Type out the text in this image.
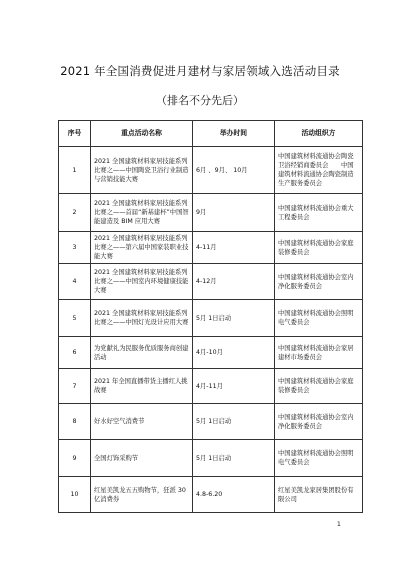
2021 年全国消费促进月建材与家居领域入选活动目录
（排名不分先后）
序号	重点活动名称	举办时间	活动组织方
1	2021 全国建筑材料家居技能系列比赛之——中国陶瓷卫浴行业制造与营销技能大赛	6月 、9月、 10月	中国建筑材料流通协会陶瓷卫浴经销商委员会　　中国建筑材料流通协会陶瓷制造生产服务委员会
2	2021 全国建筑材料家居技能系列比赛之——首届“新基建杯”中国智能建造及 BIM 应用大赛	9月	中国建筑材料流通协会重大工程委员会
3	2021 全国建筑材料家居技能系列比赛之——第六届中国家装职业技能大赛	4-11月	中国建筑材料流通协会家庭装修委员会
4	2021 全国建筑材料家居技能系列比赛之——中国室内环境健康技能大赛	4-12月	中国建筑材料流通协会室内净化服务委员会
5	2021 全国建筑材料家居技能系列比赛之——中国灯光设计应用大赛	5月 1日启动	中国建筑材料流通协会照明电气委员会
6	为党献礼为民服务优质服务商创建活动	4月-10月	中国建筑材料流通协会家居建材市场委员会
7	2021 年全国直播带货主播红人挑战赛	4月-11月	中国建筑材料流通协会家庭装修委员会
8	好水好空气消费节	5月 1日启动	中国建筑材料流通协会室内净化服务委员会
9	全国灯饰采购节	5月 1日启动	中国建筑材料流通协会照明电气委员会
10	红星美凯龙五五购物节，狂派 30 亿消费券	4.8-6.20	红星美凯龙家居集团股份有限公司
1
